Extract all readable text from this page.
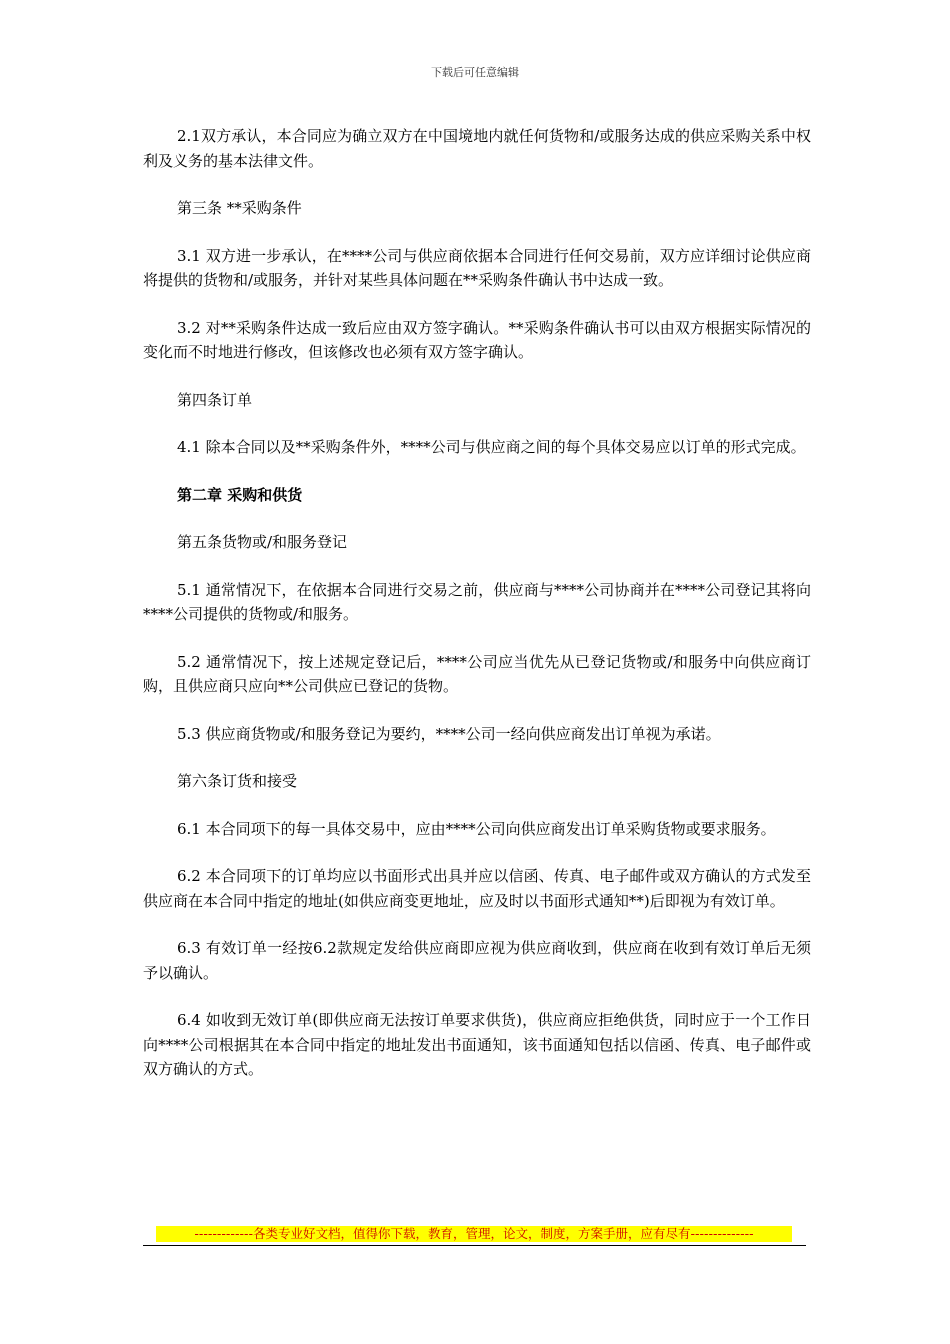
下载后可任意编辑

2.1双方承认，本合同应为确立双方在中国境地内就任何货物和/或服务达成的供应采购关系中权利及义务的基本法律文件。

第三条 **采购条件

3.1 双方进一步承认，在****公司与供应商依据本合同进行任何交易前，双方应详细讨论供应商将提供的货物和/或服务，并针对某些具体问题在**采购条件确认书中达成一致。

3.2 对**采购条件达成一致后应由双方签字确认。**采购条件确认书可以由双方根据实际情况的变化而不时地进行修改，但该修改也必须有双方签字确认。

第四条订单

4.1 除本合同以及**采购条件外，****公司与供应商之间的每个具体交易应以订单的形式完成。

第二章 采购和供货

第五条货物或/和服务登记

5.1 通常情况下，在依据本合同进行交易之前，供应商与****公司协商并在****公司登记其将向****公司提供的货物或/和服务。

5.2 通常情况下，按上述规定登记后，****公司应当优先从已登记货物或/和服务中向供应商订购，且供应商只应向**公司供应已登记的货物。

5.3 供应商货物或/和服务登记为要约，****公司一经向供应商发出订单视为承诺。

第六条订货和接受

6.1 本合同项下的每一具体交易中，应由****公司向供应商发出订单采购货物或要求服务。

6.2 本合同项下的订单均应以书面形式出具并应以信函、传真、电子邮件或双方确认的方式发至供应商在本合同中指定的地址(如供应商变更地址，应及时以书面形式通知**)后即视为有效订单。

6.3 有效订单一经按6.2款规定发给供应商即应视为供应商收到，供应商在收到有效订单后无须予以确认。

6.4 如收到无效订单(即供应商无法按订单要求供货)，供应商应拒绝供货，同时应于一个工作日向****公司根据其在本合同中指定的地址发出书面通知，该书面通知包括以信函、传真、电子邮件或双方确认的方式。

-------------各类专业好文档，值得你下载，教育，管理，论文，制度，方案手册，应有尽有--------------
